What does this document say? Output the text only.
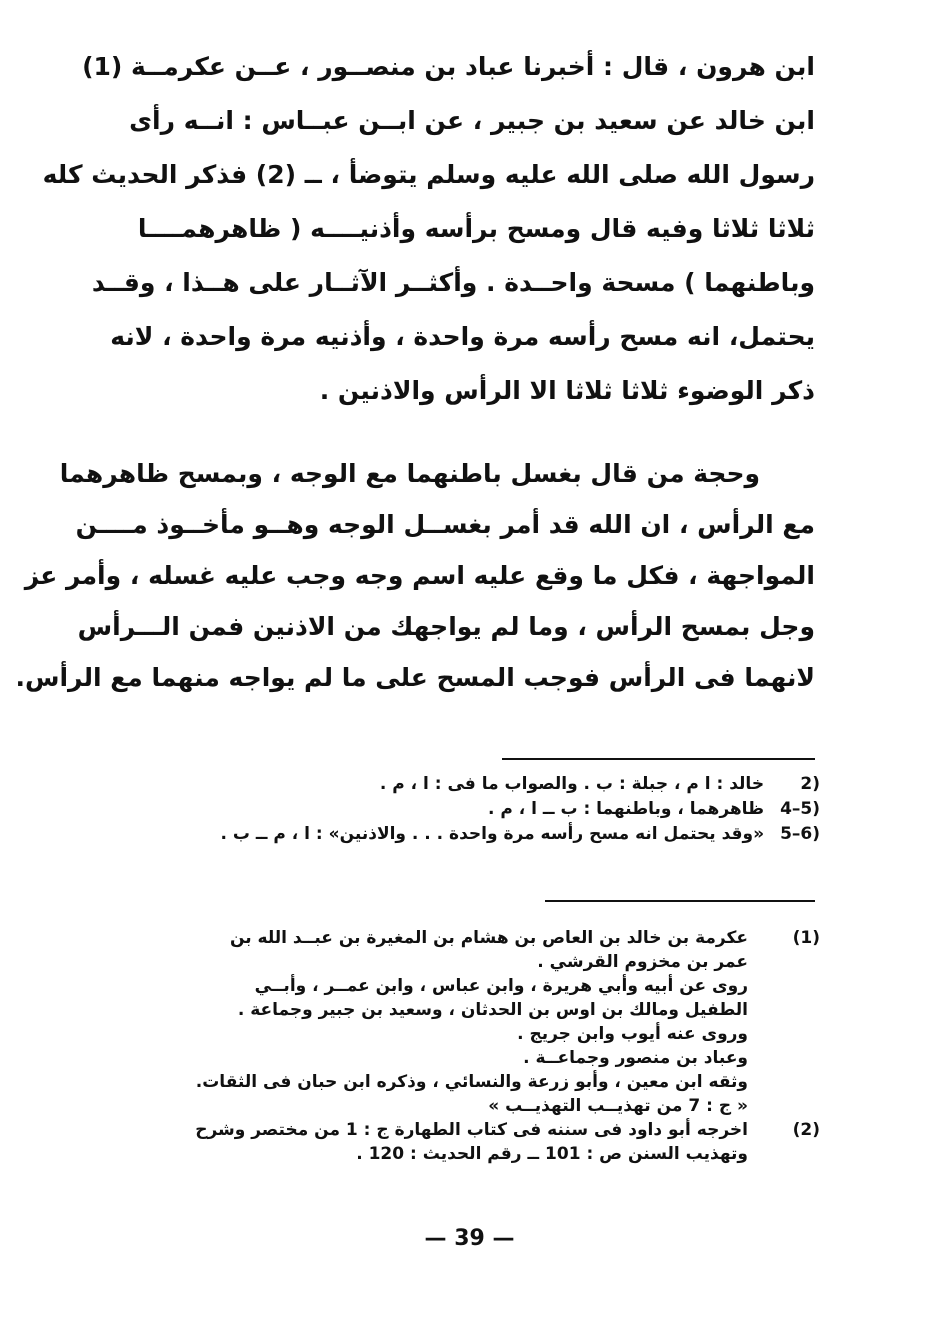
ابن هرون ، قال : أخبرنا عباد بن منصــور ، عــن عكرمــة (1)
ابن خالد عن سعيد بن جبير ، عن ابــن عبــاس : انــه رأى
رسول الله صلى الله عليه وسلم يتوضأ ، ــ (2) فذكر الحديث كله
ثلاثا ثلاثا وفيه قال ومسح برأسه وأذنيــــه ( ظاهرهمــــا
وباطنهما ) مسحة واحــدة . وأكثــر الآثــار على هــذا ، وقــد
يحتمل، انه مسح رأسه مرة واحدة ، وأذنيه مرة واحدة ، لانه
ذكر الوضوء ثلاثا ثلاثا الا الرأس والاذنين .
وحجة من قال بغسل باطنهما مع الوجه ، وبمسح ظاهرهما
مع الرأس ، ان الله قد أمر بغســل الوجه وهــو مأخــوذ مــــن
المواجهة ، فكل ما وقع عليه اسم وجه وجب عليه غسله ، وأمر عز
وجل بمسح الرأس ، وما لم يواجهك من الاذنين فمن الـــرأس
لانهما فى الرأس فوجب المسح على ما لم يواجه منهما مع الرأس.
2) خالد : ا م ، جبلة : ب . والصواب ما فى : ا ، م .
4–5) ظاهرهما ، وباطنهما : ب ــ ا ، م .
5–6) «وقد يحتمل انه مسح رأسه مرة واحدة . . . والاذنين» : ا ، م ــ ب .
(1)
عكرمة بن خالد بن العاص بن هشام بن المغيرة بن عبــد الله بن
عمر بن مخزوم القرشي .
روى عن أبيه وأبي هريرة ، وابن عباس ، وابن عمــر ، وأبــي
الطفيل ومالك بن اوس بن الحدثان ، وسعيد بن جبير وجماعة .
وروى عنه أيوب وابن جريج .
وعباد بن منصور وجماعــة .
وثقه ابن معين ، وأبو زرعة والنسائي ، وذكره ابن حبان فى الثقات.
« ج : 7 من تهذيــب التهذيــب »
(2)
اخرجه أبو داود فى سننه فى كتاب الطهارة ج : 1 من مختصر وشرح
وتهذيب السنن ص : 101 ــ رقم الحديث : 120 .
— 39 —
